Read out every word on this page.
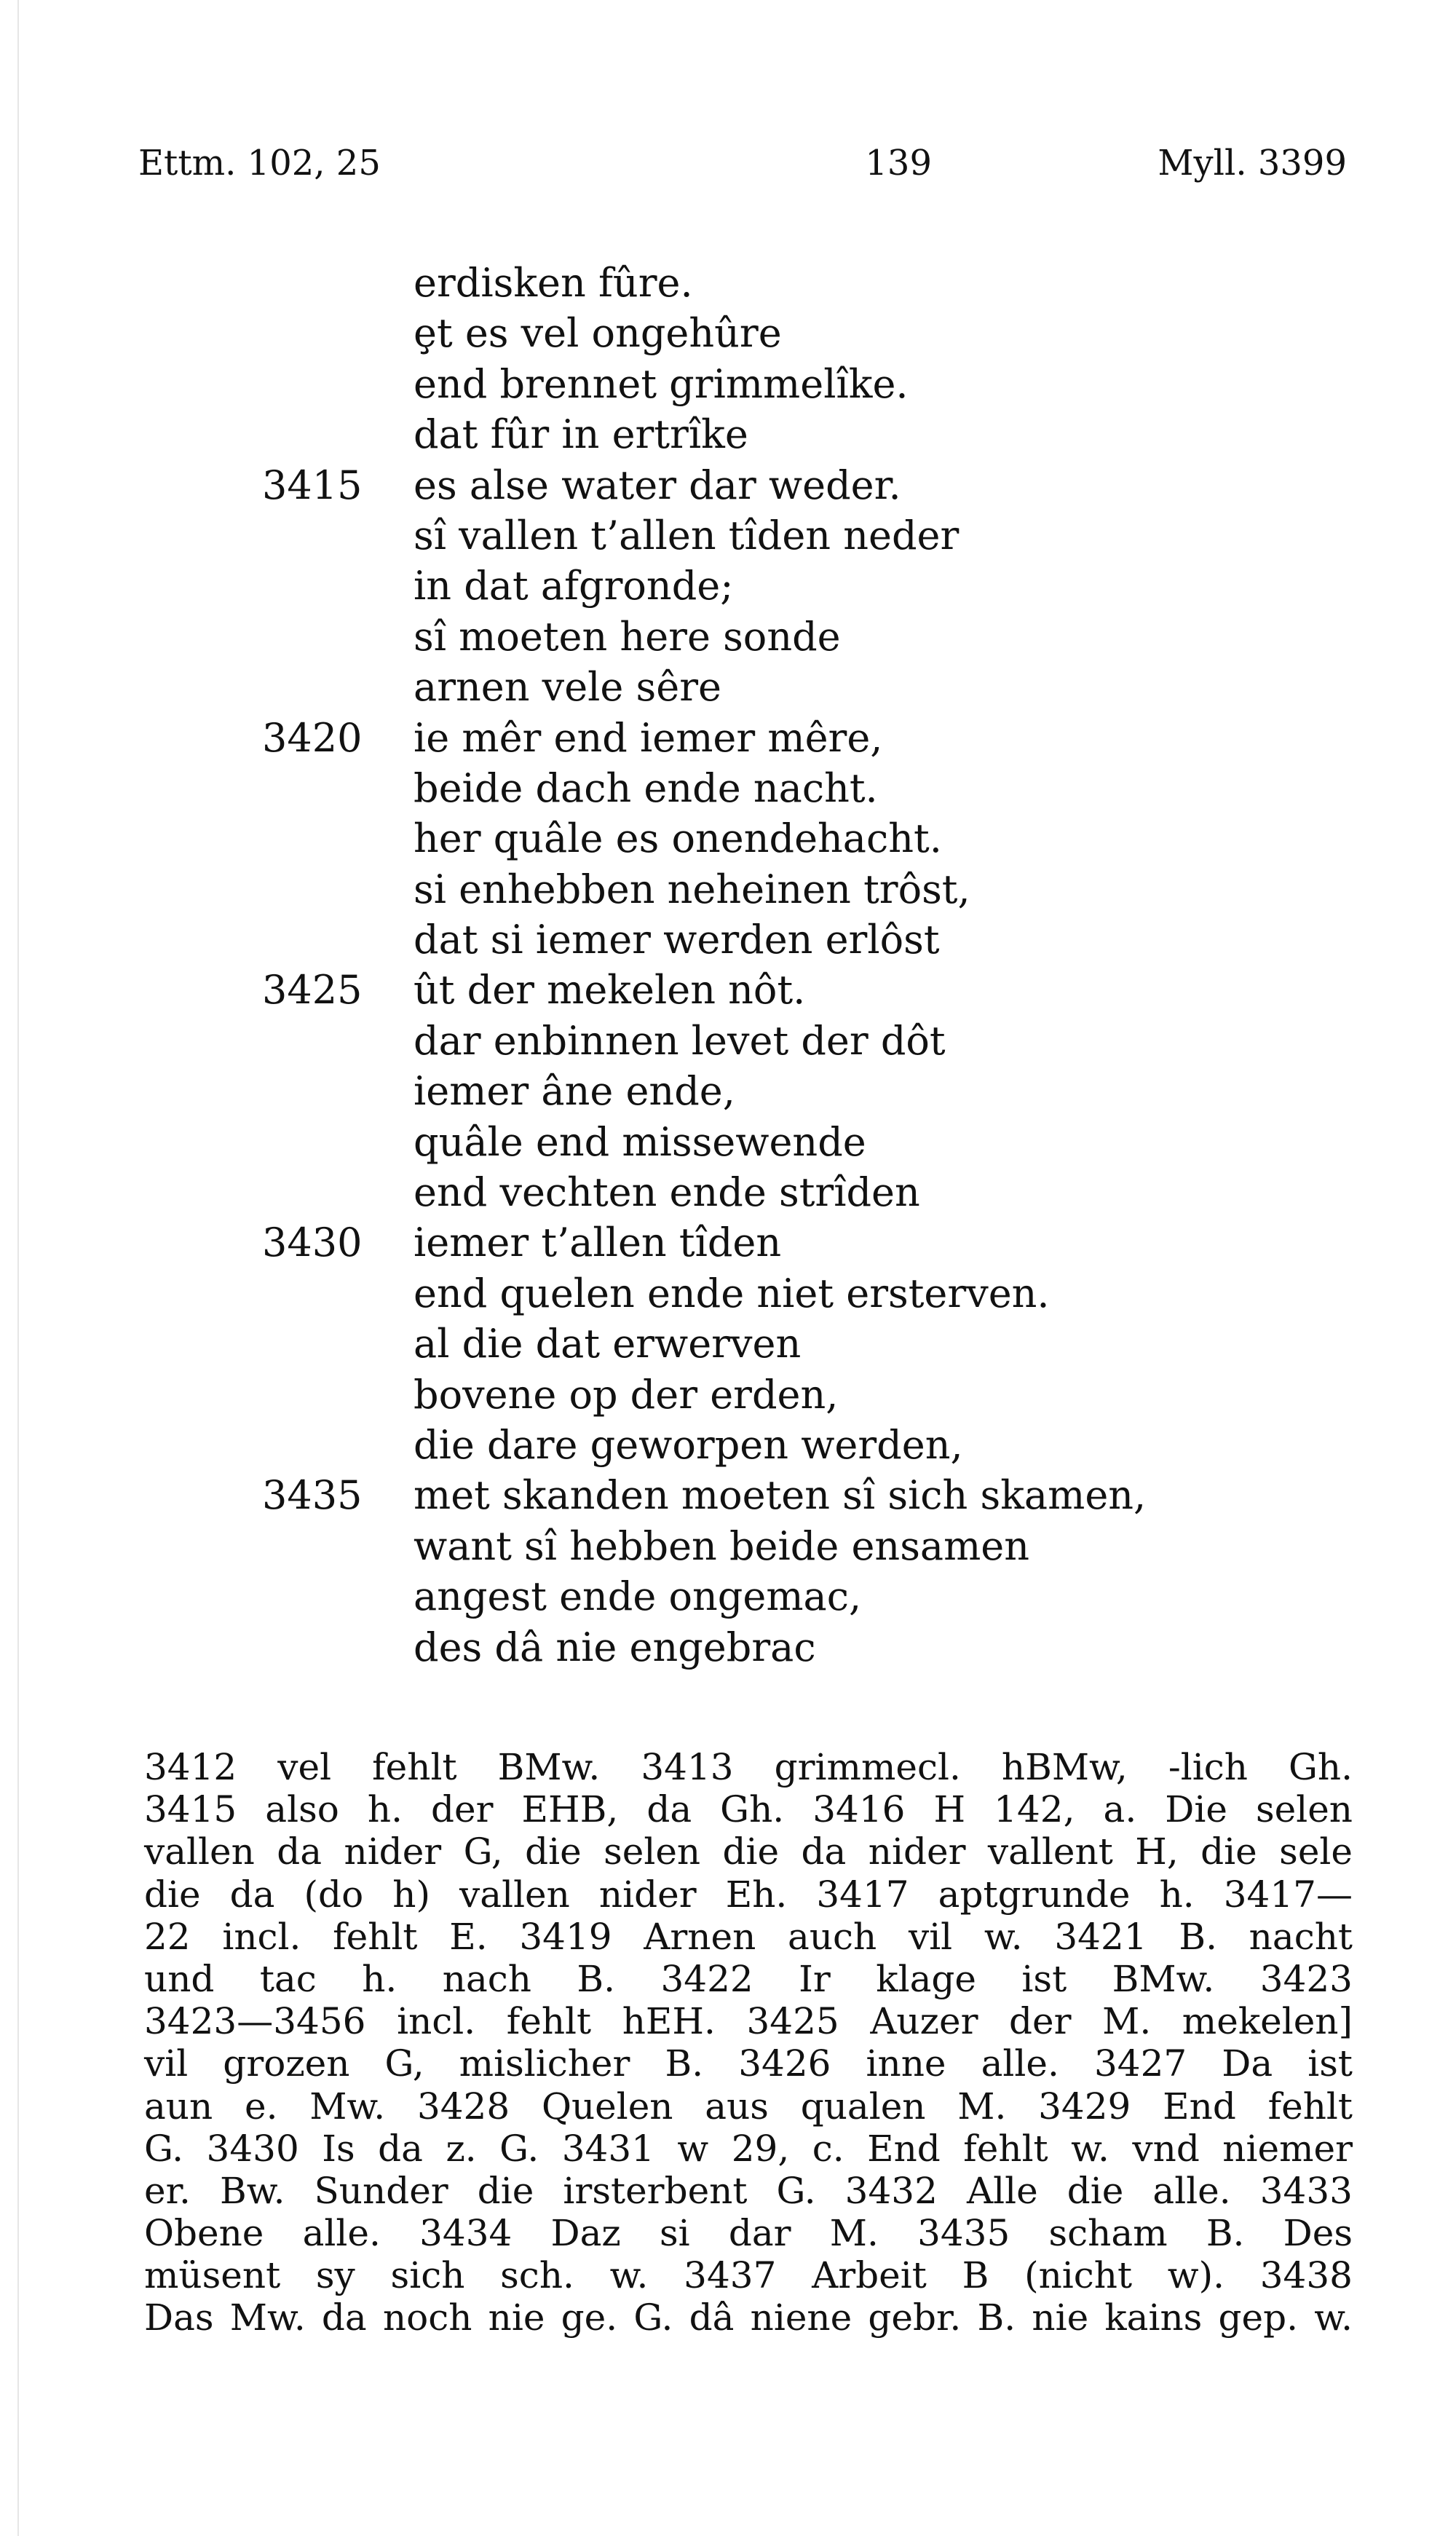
Ettm. 102, 25	139	Myll. 3399
erdisken fûre.
ȩt es vel ongehûre
end brennet grimmelîke.
dat fûr in ertrîke
3415 es alse water dar weder.
sî vallen t’allen tîden neder
in dat afgronde;
sî moeten here sonde
arnen vele sêre
3420 ie mêr end iemer mêre,
beide dach ende nacht.
her quâle es onendehacht.
si enhebben neheinen trôst,
dat si iemer werden erlôst
3425 ût der mekelen nôt.
dar enbinnen levet der dôt
iemer âne ende,
quâle end missewende
end vechten ende strîden
3430 iemer t’allen tîden
end quelen ende niet ersterven.
al die dat erwerven
bovene op der erden,
die dare geworpen werden,
3435 met skanden moeten sî sich skamen,
want sî hebben beide ensamen
angest ende ongemac,
des dâ nie engebrac
3412 vel fehlt BMw. 3413 grimmecl. hBMw, -lich Gh.
3415 also h. der EHB, da Gh. 3416 H 142, a. Die selen
vallen da nider G, die selen die da nider vallent H, die sele
die da (do h) vallen nider Eh. 3417 aptgrunde h. 3417—
22 incl. fehlt E. 3419 Arnen auch vil w. 3421 B. nacht
und tac h. nach B. 3422 Ir klage ist BMw. 3423
3423—3456 incl. fehlt hEH. 3425 Auzer der M. mekelen]
vil grozen G, mislicher B. 3426 inne alle. 3427 Da ist
aun e. Mw. 3428 Quelen aus qualen M. 3429 End fehlt
G. 3430 Is da z. G. 3431 w 29, c. End fehlt w. vnd niemer
er. Bw. Sunder die irsterbent G. 3432 Alle die alle. 3433
Obene alle. 3434 Daz si dar M. 3435 scham B. Des
müsent sy sich sch. w. 3437 Arbeit B (nicht w). 3438
Das Mw. da noch nie ge. G. dâ niene gebr. B. nie kains gep. w.
